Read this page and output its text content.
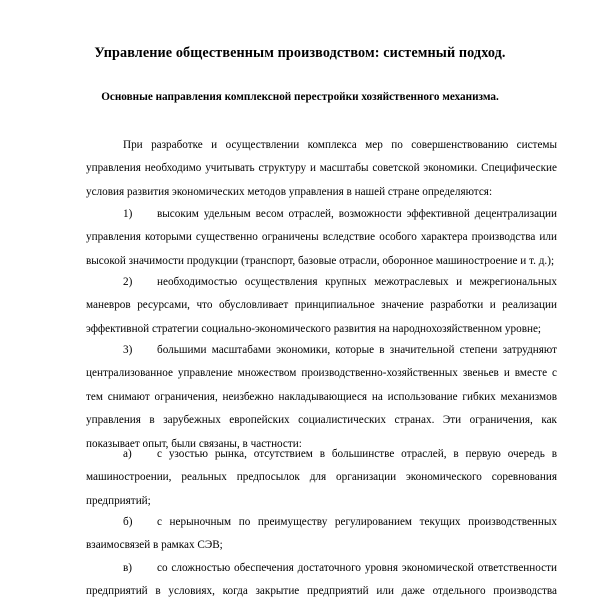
Управление общественным производством: системный подход.
Основные направления комплексной перестройки хозяйственного механизма.
При разработке и осуществлении комплекса мер по совершенствованию системы
управления необходимо учитывать структуру и масштабы советской экономики. Специфические
условия развития экономических методов управления в нашей стране определяются:
1)	высоким удельным весом отраслей, возможности эффективной децентрализации
управления которыми существенно ограничены вследствие особого характера производства или
высокой значимости продукции (транспорт, базовые отрасли, оборонное машиностроение и т. д.);
2)	необходимостью осуществления крупных межотраслевых и межрегиональных
маневров ресурсами, что обусловливает принципиальное значение разработки и реализации
эффективной стратегии социально-экономического развития на народнохозяйственном уровне;
3)	большими масштабами экономики, которые в значительной степени затрудняют
централизованное управление множеством производственно-хозяйственных звеньев и вместе с
тем снимают ограничения, неизбежно накладывающиеся на использование гибких механизмов
управления в зарубежных европейских социалистических странах. Эти ограничения, как
показывает опыт, были связаны, в частности:
а)	с узостью рынка, отсутствием в большинстве отраслей, в первую очередь в
машиностроении, реальных предпосылок для организации экономического соревнования
предприятий;
б)	с нерыночным по преимуществу регулированием текущих производственных
взаимосвязей в рамках СЭВ;
в)	со сложностью обеспечения достаточного уровня экономической ответственности
предприятий в условиях, когда закрытие предприятий или даже отдельного производства
